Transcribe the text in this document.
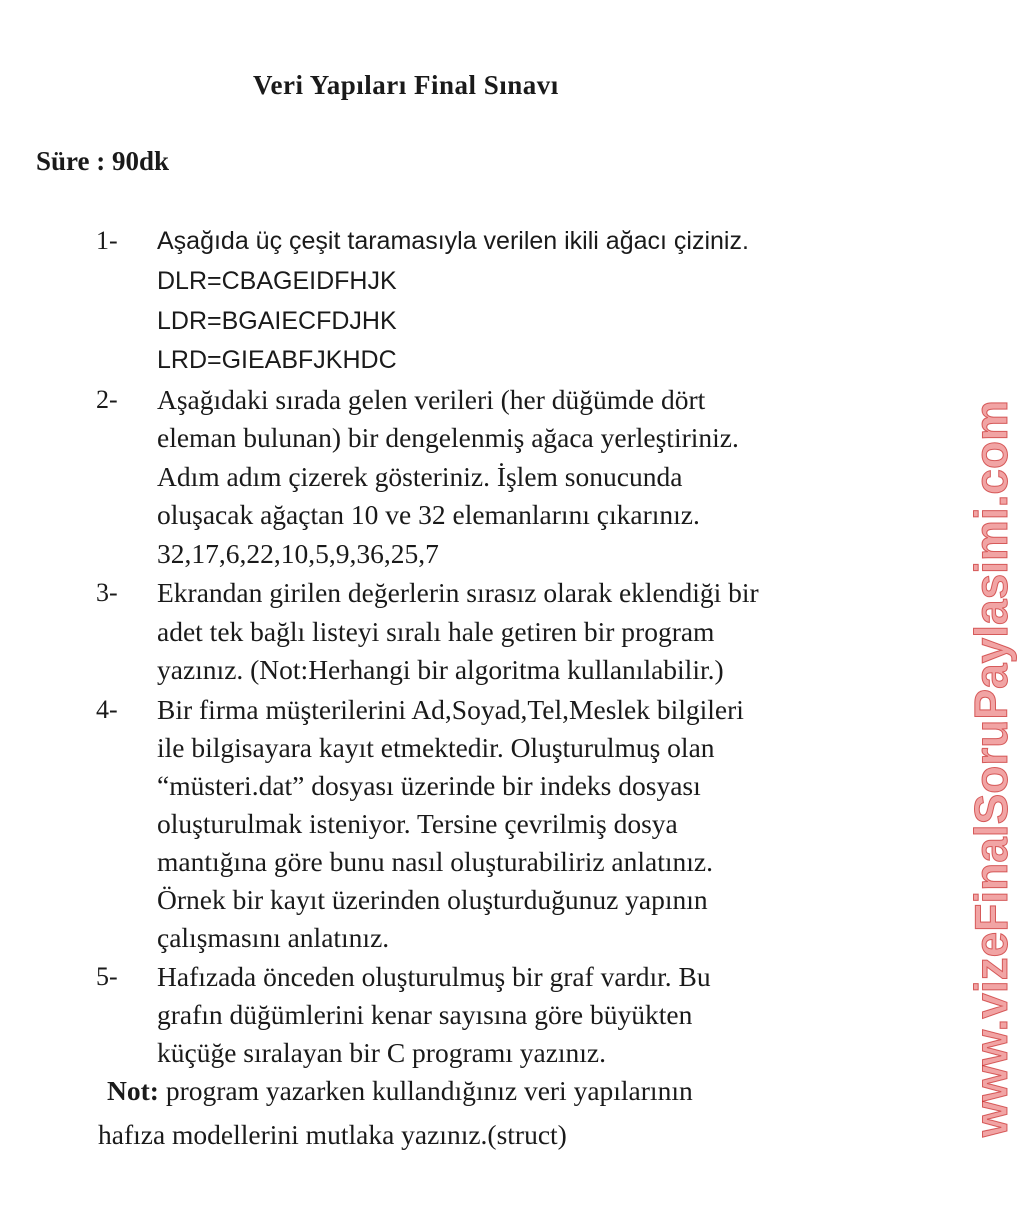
Veri Yapıları Final Sınavı
Süre : 90dk
1- Aşağıda üç çeşit taramasıyla verilen ikili ağacı çiziniz.
DLR=CBAGEIDFHJK
LDR=BGAIECFDJHK
LRD=GIEABFJKHDC
2- Aşağıdaki sırada gelen verileri (her düğümde dört
eleman bulunan) bir dengelenmiş ağaca yerleştiriniz.
Adım adım çizerek gösteriniz. İşlem sonucunda
oluşacak ağaçtan 10 ve 32 elemanlarını çıkarınız.
32,17,6,22,10,5,9,36,25,7
3- Ekrandan girilen değerlerin sırasız olarak eklendiği bir
adet tek bağlı listeyi sıralı hale getiren bir program
yazınız. (Not:Herhangi bir algoritma kullanılabilir.)
4- Bir firma müşterilerini Ad,Soyad,Tel,Meslek bilgileri
ile bilgisayara kayıt etmektedir. Oluşturulmuş olan
“müsteri.dat” dosyası üzerinde bir indeks dosyası
oluşturulmak isteniyor. Tersine çevrilmiş dosya
mantığına göre bunu nasıl oluşturabiliriz anlatınız.
Örnek bir kayıt üzerinden oluşturduğunuz yapının
çalışmasını anlatınız.
5- Hafızada önceden oluşturulmuş bir graf vardır. Bu
grafın düğümlerini kenar sayısına göre büyükten
küçüğe sıralayan bir C programı yazınız.
Not: program yazarken kullandığınız veri yapılarının
hafıza modellerini mutlaka yazınız.(struct)	www.vizeFinalSoruPaylasimi.com
